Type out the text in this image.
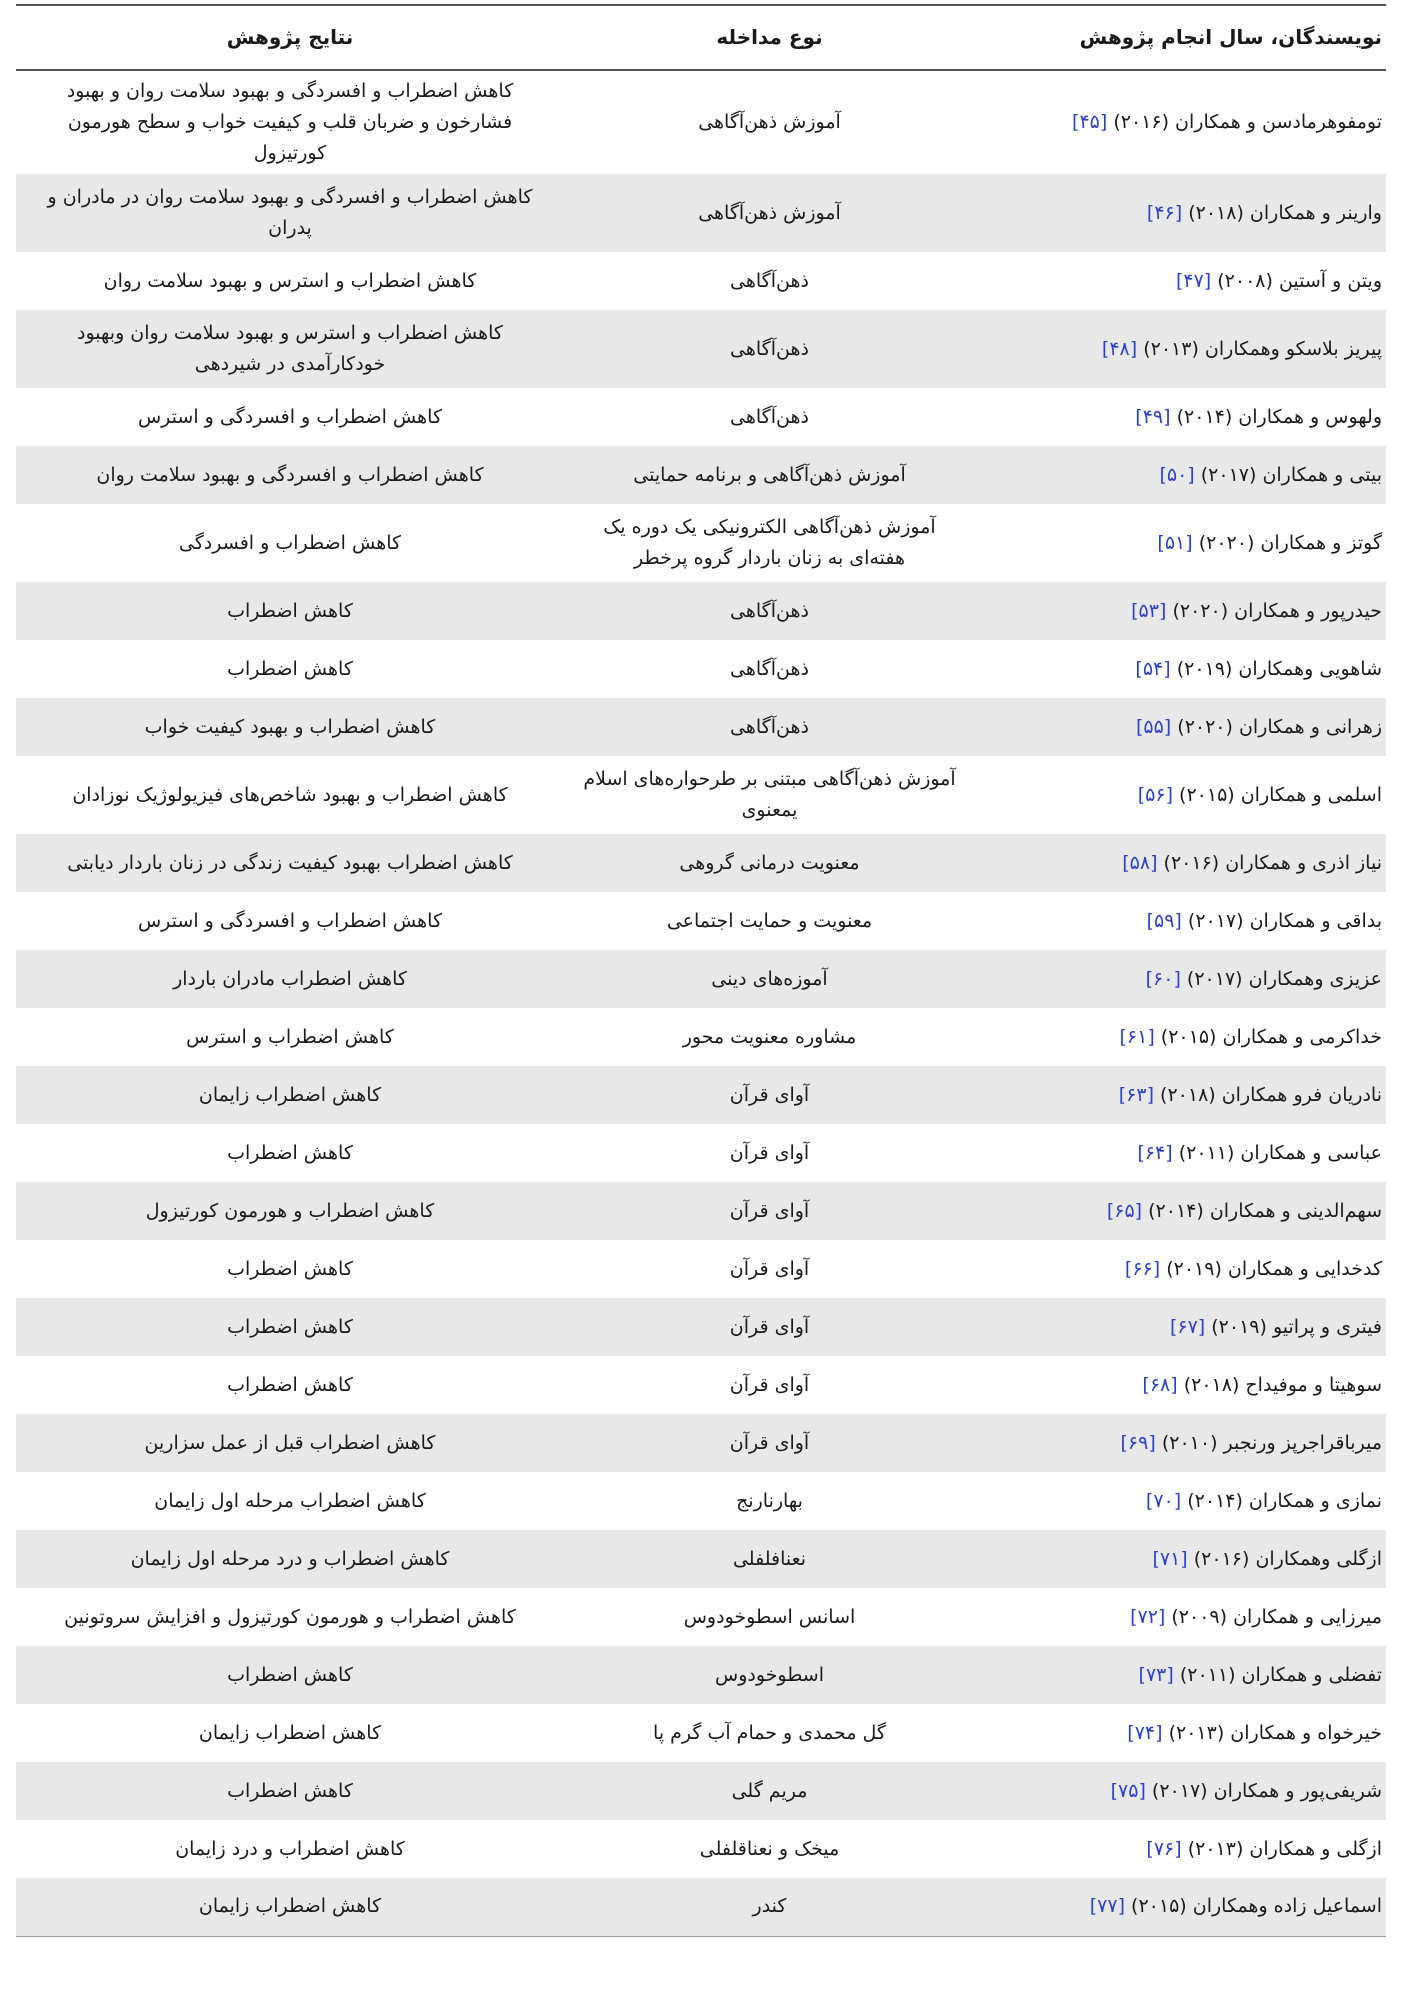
نویسندگان، سال انجام پژوهش	نوع مداخله	نتایج پژوهش
تومفوهرمادسن و همکاران (۲۰۱۶) [۴۵]	آموزش ذهن‌آگاهی	کاهش اضطراب و افسردگی و بهبود سلامت روان و بهبود فشارخون و ضربان قلب و کیفیت خواب و سطح هورمون کورتیزول
وارینر و همکاران (۲۰۱۸) [۴۶]	آموزش ذهن‌آگاهی	کاهش اضطراب و افسردگی و بهبود سلامت روان در مادران و پدران
ویتن و آستین (۲۰۰۸) [۴۷]	ذهن‌آگاهی	کاهش اضطراب و استرس و بهبود سلامت روان
پیریز بلاسکو وهمکاران (۲۰۱۳) [۴۸]	ذهن‌آگاهی	کاهش اضطراب و استرس و بهبود سلامت روان وبهبود خودکارآمدی در شیردهی
ولهوس و همکاران (۲۰۱۴) [۴۹]	ذهن‌آگاهی	کاهش اضطراب و افسردگی و استرس
بیتی و همکاران (۲۰۱۷) [۵۰]	آموزش ذهن‌آگاهی و برنامه حمایتی	کاهش اضطراب و افسردگی و بهبود سلامت روان
گوتز و همکاران (۲۰۲۰) [۵۱]	آموزش ذهن‌آگاهی الکترونیکی یک دوره یک هفته‌ای به زنان باردار گروه پرخطر	کاهش اضطراب و افسردگی
حیدرپور و همکاران (۲۰۲۰) [۵۳]	ذهن‌آگاهی	کاهش اضطراب
شاهویی وهمکاران (۲۰۱۹) [۵۴]	ذهن‌آگاهی	کاهش اضطراب
زهرانی و همکاران (۲۰۲۰) [۵۵]	ذهن‌آگاهی	کاهش اضطراب و بهبود کیفیت خواب
اسلمی و همکاران (۲۰۱۵) [۵۶]	آموزش ذهن‌آگاهی مبتنی بر طرحواره‌های اسلام یمعنوی	کاهش اضطراب و بهبود شاخص‌های فیزیولوژیک نوزادان
نیاز اذری و همکاران (۲۰۱۶) [۵۸]	معنویت درمانی گروهی	کاهش اضطراب بهبود کیفیت زندگی در زنان باردار دیابتی
بداقی و همکاران (۲۰۱۷) [۵۹]	معنویت و حمایت اجتماعی	کاهش اضطراب و افسردگی و استرس
عزیزی وهمکاران (۲۰۱۷) [۶۰]	آموزه‌های دینی	کاهش اضطراب مادران باردار
خداکرمی و همکاران (۲۰۱۵) [۶۱]	مشاوره معنویت محور	کاهش اضطراب و استرس
نادریان فرو همکاران (۲۰۱۸) [۶۳]	آوای قرآن	کاهش اضطراب زایمان
عباسی و همکاران (۲۰۱۱) [۶۴]	آوای قرآن	کاهش اضطراب
سهم‌الدینی و همکاران (۲۰۱۴) [۶۵]	آوای قرآن	کاهش اضطراب و هورمون کورتیزول
کدخدایی و همکاران (۲۰۱۹) [۶۶]	آوای قرآن	کاهش اضطراب
فیتری و پراتیو (۲۰۱۹) [۶۷]	آوای قرآن	کاهش اضطراب
سوهیتا و موفیداح (۲۰۱۸) [۶۸]	آوای قرآن	کاهش اضطراب
میرباقراجرپز ورنجبر (۲۰۱۰) [۶۹]	آوای قرآن	کاهش اضطراب قبل از عمل سزارین
نمازی و همکاران (۲۰۱۴) [۷۰]	بهارنارنج	کاهش اضطراب مرحله اول زایمان
ازگلی وهمکاران (۲۰۱۶) [۷۱]	نعنافلفلی	کاهش اضطراب و درد مرحله اول زایمان
میرزایی و همکاران (۲۰۰۹) [۷۲]	اسانس اسطوخودوس	کاهش اضطراب و هورمون کورتیزول و افزایش سروتونین
تفضلی و همکاران (۲۰۱۱) [۷۳]	اسطوخودوس	کاهش اضطراب
خیرخواه و همکاران (۲۰۱۳) [۷۴]	گل محمدی و حمام آب گرم پا	کاهش اضطراب زایمان
شریفی‌پور و همکاران (۲۰۱۷) [۷۵]	مریم گلی	کاهش اضطراب
ازگلی و همکاران (۲۰۱۳) [۷۶]	میخک و نعناقلفلی	کاهش اضطراب و درد زایمان
اسماعیل زاده وهمکاران (۲۰۱۵) [۷۷]	کندر	کاهش اضطراب زایمان
